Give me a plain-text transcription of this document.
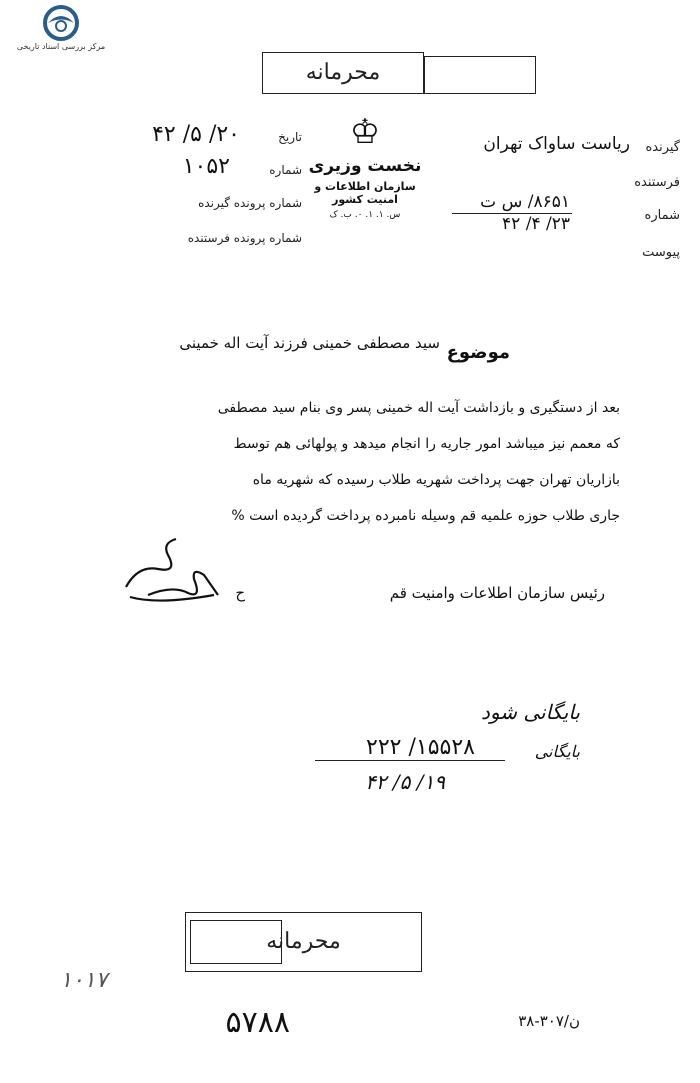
مرکز بررسی اسناد تاریخی
محرمانه
تاریخ
۲۰/ ۵/ ۴۲
شماره
۱۰۵۲
شماره پرونده گیرنده
شماره پرونده فرستنده
♔
نخست وزیری
سازمان اطلاعات و امنیت کشور
س. ۱. ۱. ۰. ب. ک
گیرنده
ریاست ساواک تهران
فرستنده
شماره
۸۶۵۱/ س ت
۲۳/ ۴/ ۴۲
پیوست
موضوع
سید مصطفی خمینی فرزند آیت اله خمینی
بعد از دستگیری و بازداشت آیت اله خمینی پسر وی بنام سید مصطفی
که معمم نیز میباشد امور جاریه را انجام میدهد و پولهائی هم توسط
بازاریان تهران جهت پرداخت شهریه طلاب رسیده که شهریه ماه
جاری طلاب حوزه علمیه قم وسیله نامبرده پرداخت گردیده است %
رئیس سازمان اطلاعات وامنیت قم
ح
بایگانی شود
۱۵۵۲۸/ ۲۲۲
۱۹/ ۵/ ۴۲
بایگانی
محرمانه
۱۰۱۷
۵۷۸۸	ن/۳۰۷-۳۸
